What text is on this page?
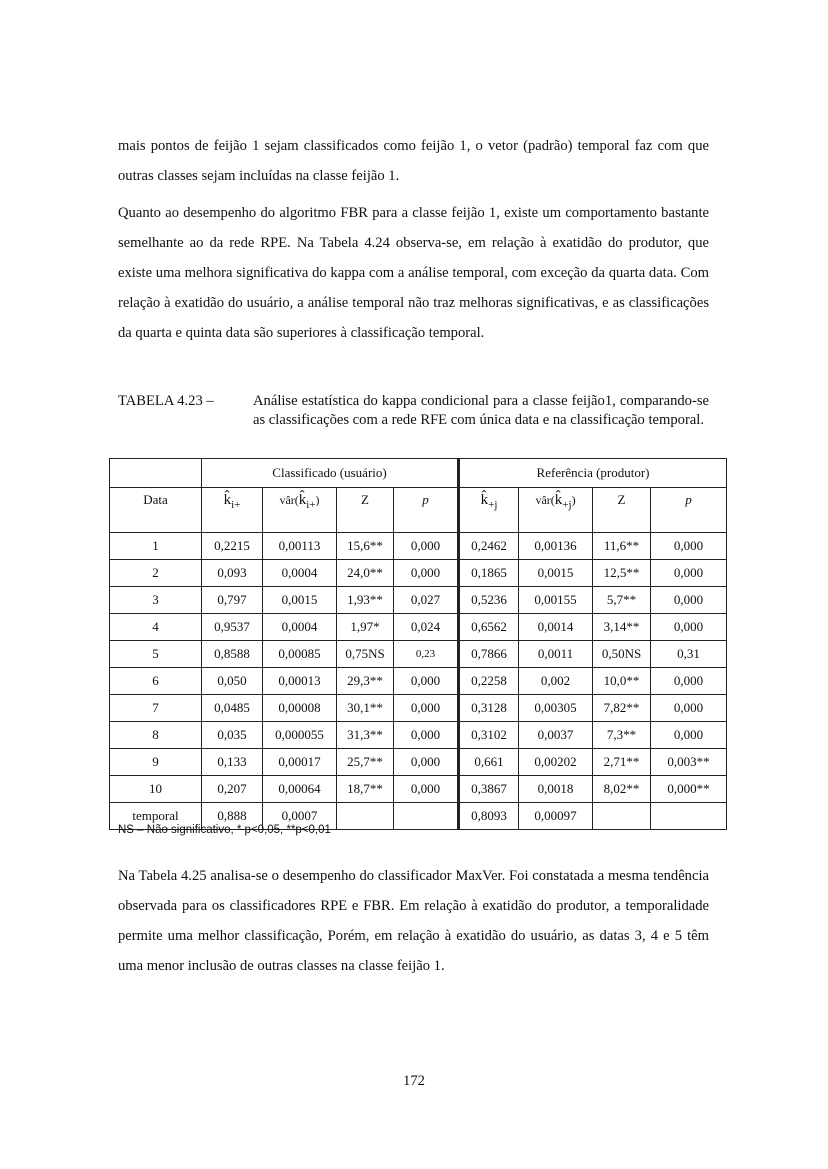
mais pontos de feijão 1 sejam classificados como feijão 1, o vetor (padrão) temporal faz com que outras classes sejam incluídas na classe feijão 1.

Quanto ao desempenho do algoritmo FBR para a classe feijão 1, existe um comportamento bastante semelhante ao da rede RPE. Na Tabela 4.24 observa-se, em relação à exatidão do produtor, que existe uma melhora significativa do kappa com a análise temporal, com exceção da quarta data. Com relação à exatidão do usuário, a análise temporal não traz melhoras significativas, e as classificações da quarta e quinta data são superiores à classificação temporal.

TABELA 4.23 –	Análise estatística do kappa condicional para a classe feijão1, comparando-se as classificações com a rede RFE com única data e na classificação temporal.
	Classificado (usuário)				Referência (produtor)			
Data	$k_{i+}$	$vâr(k_{i+})$	Z	p	$k_{+j}$	$vâr(k_{+j})$	Z	p
1	0,2215	0,00113	15,6**	0,000	0,2462	0,00136	11,6**	0,000
2	0,093	0,0004	24,0**	0,000	0,1865	0,0015	12,5**	0,000
3	0,797	0,0015	1,93**	0,027	0,5236	0,00155	5,7**	0,000
4	0,9537	0,0004	1,97*	0,024	0,6562	0,0014	3,14**	0,000
5	0,8588	0,00085	0,75NS	0,23	0,7866	0,0011	0,50NS	0,31
6	0,050	0,00013	29,3**	0,000	0,2258	0,002	10,0**	0,000
7	0,0485	0,00008	30,1**	0,000	0,3128	0,00305	7,82**	0,000
8	0,035	0,000055	31,3**	0,000	0,3102	0,0037	7,3**	0,000
9	0,133	0,00017	25,7**	0,000	0,661	0,00202	2,71**	0,003**
10	0,207	0,00064	18,7**	0,000	0,3867	0,0018	8,02**	0,000**
temporal	0,888	0,0007			0,8093	0,00097		
NS – Não significativo, * p<0,05, **p<0,01

Na Tabela 4.25 analisa-se o desempenho do classificador MaxVer. Foi constatada a mesma tendência observada para os classificadores RPE e FBR. Em relação à exatidão do produtor, a temporalidade permite uma melhor classificação, Porém, em relação à exatidão do usuário, as datas 3, 4 e 5 têm uma menor inclusão de outras classes na classe feijão 1.

172
